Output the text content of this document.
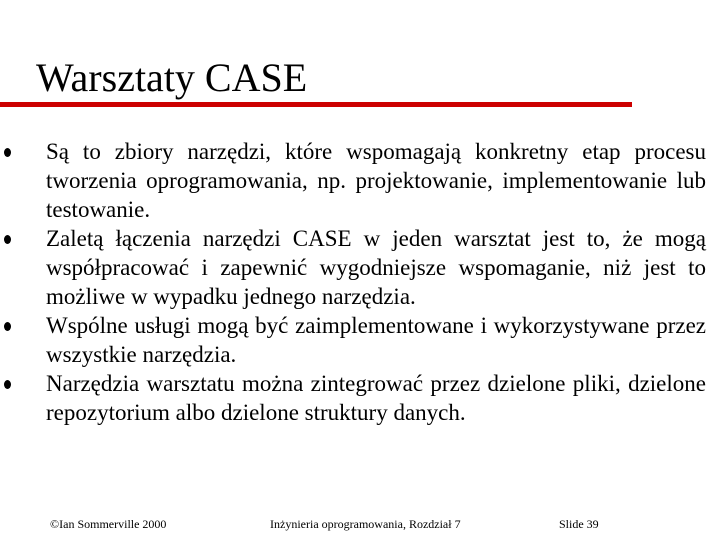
Warsztaty CASE
Są to zbiory narzędzi, które wspomagają konkretny etap procesu tworzenia oprogramowania, np. projektowanie, implementowanie lub testowanie.
Zaletą łączenia narzędzi CASE w jeden warsztat jest to, że mogą współpracować i zapewnić wygodniejsze wspomaganie, niż jest to możliwe w wypadku jednego narzędzia.
Wspólne usługi mogą być zaimplementowane i wykorzystywane przez wszystkie narzędzia.
Narzędzia warsztatu można zintegrować przez dzielone pliki, dzielone repozytorium albo dzielone struktury danych.
©Ian Sommerville 2000	Inżynieria oprogramowania, Rozdział 7	Slide 39
